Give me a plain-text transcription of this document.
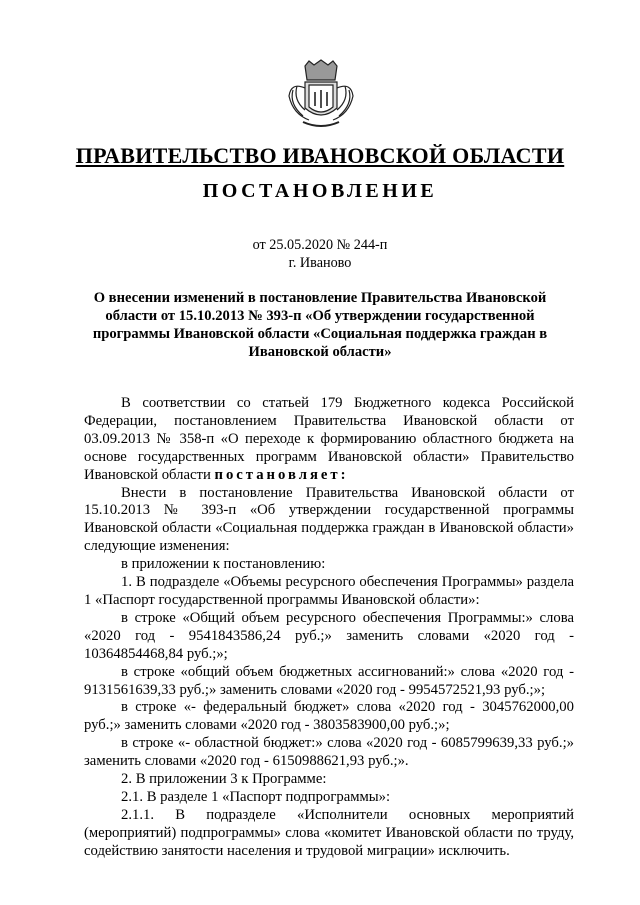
ПРАВИТЕЛЬСТВО ИВАНОВСКОЙ ОБЛАСТИ
ПОСТАНОВЛЕНИЕ
от 25.05.2020 № 244-п
г. Иваново
О внесении изменений в постановление Правительства Ивановской области от 15.10.2013 № 393-п «Об утверждении государственной программы Ивановской области «Социальная поддержка граждан в Ивановской области»

В соответствии со статьей 179 Бюджетного кодекса Российской Федерации, постановлением Правительства Ивановской области от 03.09.2013 № 358-п «О переходе к формированию областного бюджета на основе государственных программ Ивановской области» Правительство Ивановской области постановляет:

Внести в постановление Правительства Ивановской области от 15.10.2013 № 393-п «Об утверждении государственной программы Ивановской области «Социальная поддержка граждан в Ивановской области» следующие изменения:

в приложении к постановлению:

1. В подразделе «Объемы ресурсного обеспечения Программы» раздела 1 «Паспорт государственной программы Ивановской области»:

в строке «Общий объем ресурсного обеспечения Программы:» слова «2020 год - 9541843586,24 руб.;» заменить словами «2020 год - 10364854468,84 руб.;»;

в строке «общий объем бюджетных ассигнований:» слова «2020 год - 9131561639,33 руб.;» заменить словами «2020 год - 9954572521,93 руб.;»;

в строке «- федеральный бюджет» слова «2020 год - 3045762000,00 руб.;» заменить словами «2020 год - 3803583900,00 руб.;»;

в строке «- областной бюджет:» слова «2020 год - 6085799639,33 руб.;» заменить словами «2020 год - 6150988621,93 руб.;».

2. В приложении 3 к Программе:

2.1. В разделе 1 «Паспорт подпрограммы»:

2.1.1. В подразделе «Исполнители основных мероприятий (мероприятий) подпрограммы» слова «комитет Ивановской области по труду, содействию занятости населения и трудовой миграции» исключить.
